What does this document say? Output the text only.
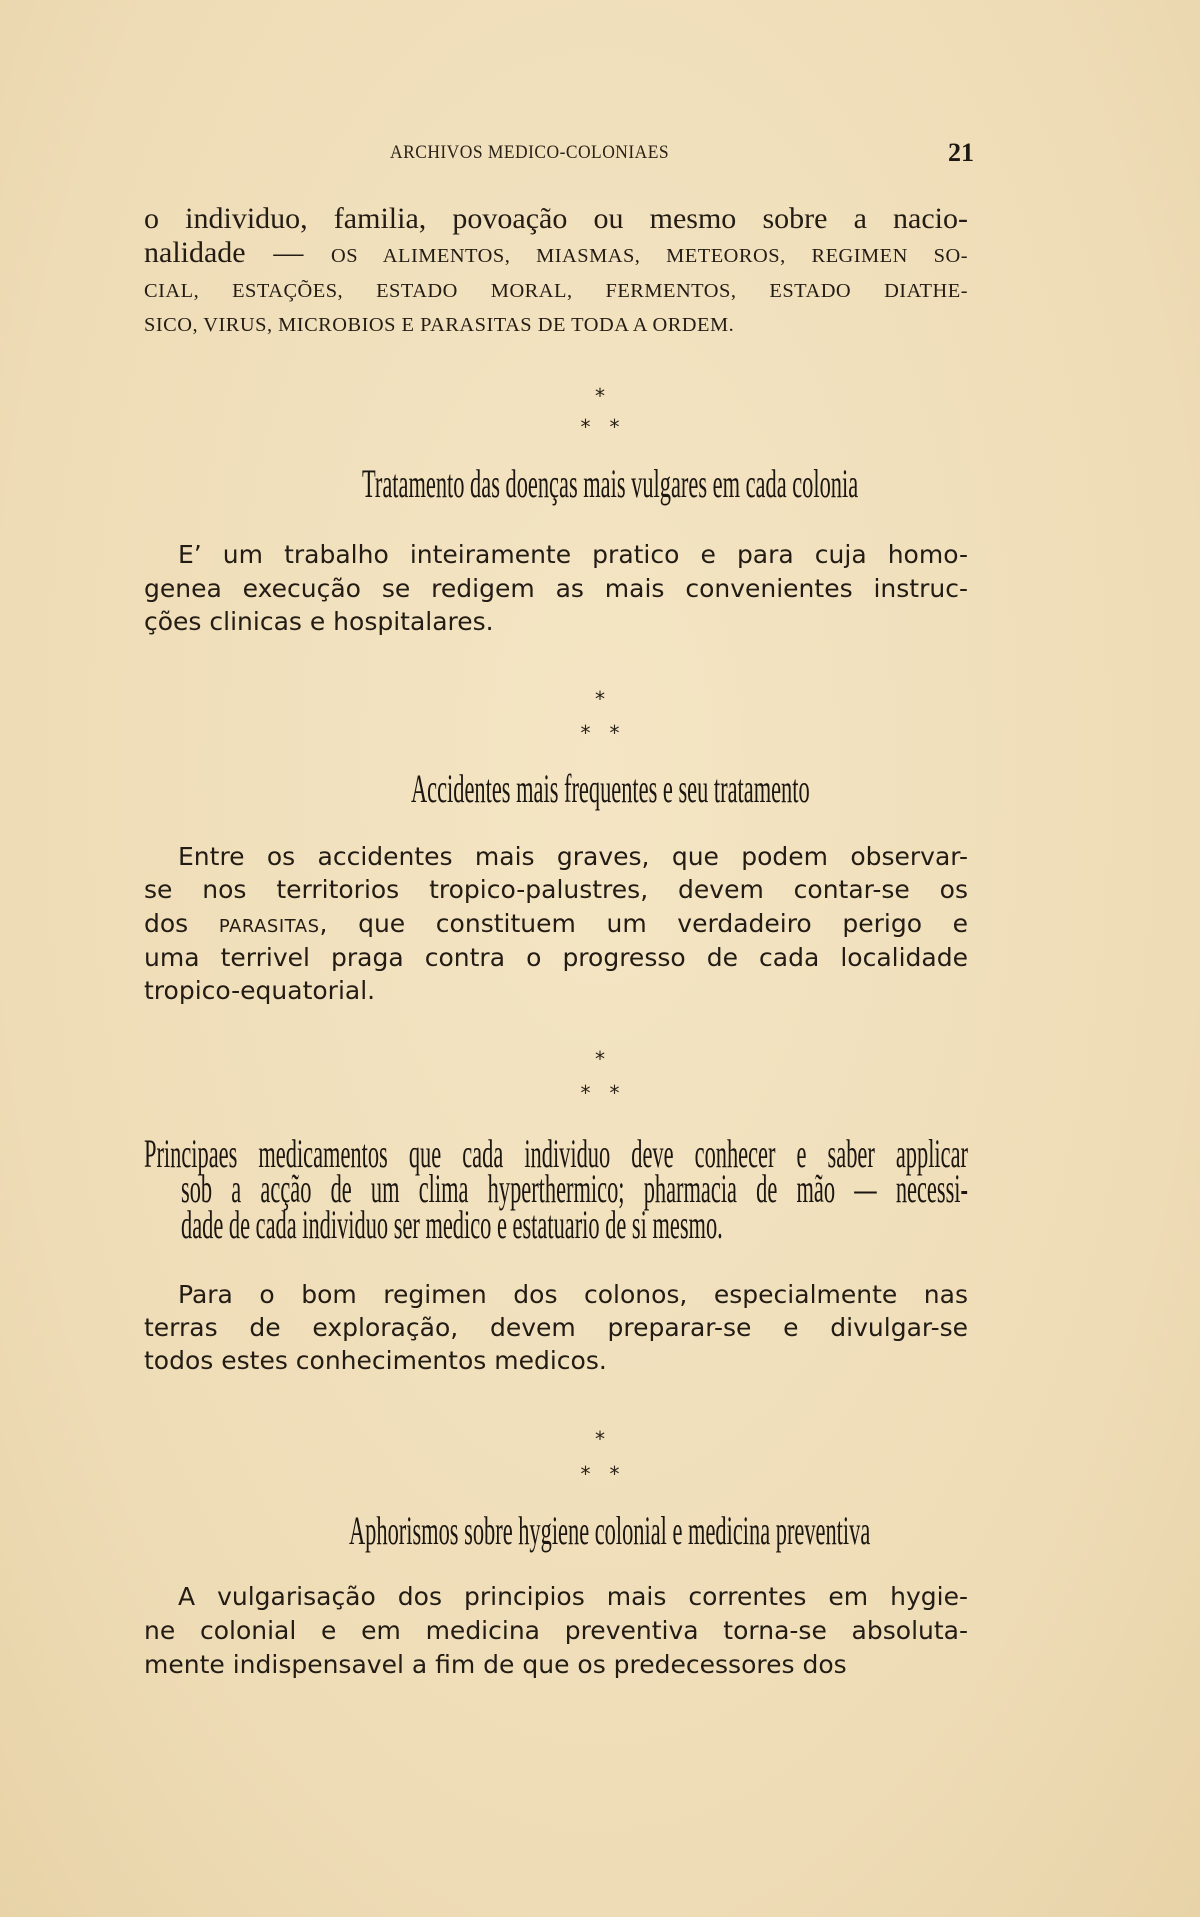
ARCHIVOS MEDICO-COLONIAES	21
o individuo, familia, povoação ou mesmo sobre a nacio-
nalidade — OS ALIMENTOS, MIASMAS, METEOROS, REGIMEN SO-
CIAL, ESTAÇÕES, ESTADO MORAL, FERMENTOS, ESTADO DIATHE-
SICO, VIRUS, MICROBIOS E PARASITAS DE TODA A ORDEM.
E’ um trabalho inteiramente pratico e para cuja homo-
genea execução se redigem as mais convenientes instruc-
ções clinicas e hospitalares.
Entre os accidentes mais graves, que podem observar-
se nos territorios tropico-palustres, devem contar-se os
dos PARASITAS, que constituem um verdadeiro perigo e
uma terrivel praga contra o progresso de cada localidade
tropico-equatorial.
Para o bom regimen dos colonos, especialmente nas
terras de exploração, devem preparar-se e divulgar-se
todos estes conhecimentos medicos.
A vulgarisação dos principios mais correntes em hygie-
ne colonial e em medicina preventiva torna-se absoluta-
mente indispensavel a fim de que os predecessores dos
*
*   *
*
*   *
*
*   *
*
*   *
Tratamento das doenças mais vulgares em cada colonia
Accidentes mais frequentes e seu tratamento
Aphorismos sobre hygiene colonial e medicina preventiva
Principaes medicamentos que cada individuo deve conhecer e saber applicar
sob a acção de um clima hyperthermico; pharmacia de mão — necessi-
dade de cada individuo ser medico e estatuario de si mesmo.
